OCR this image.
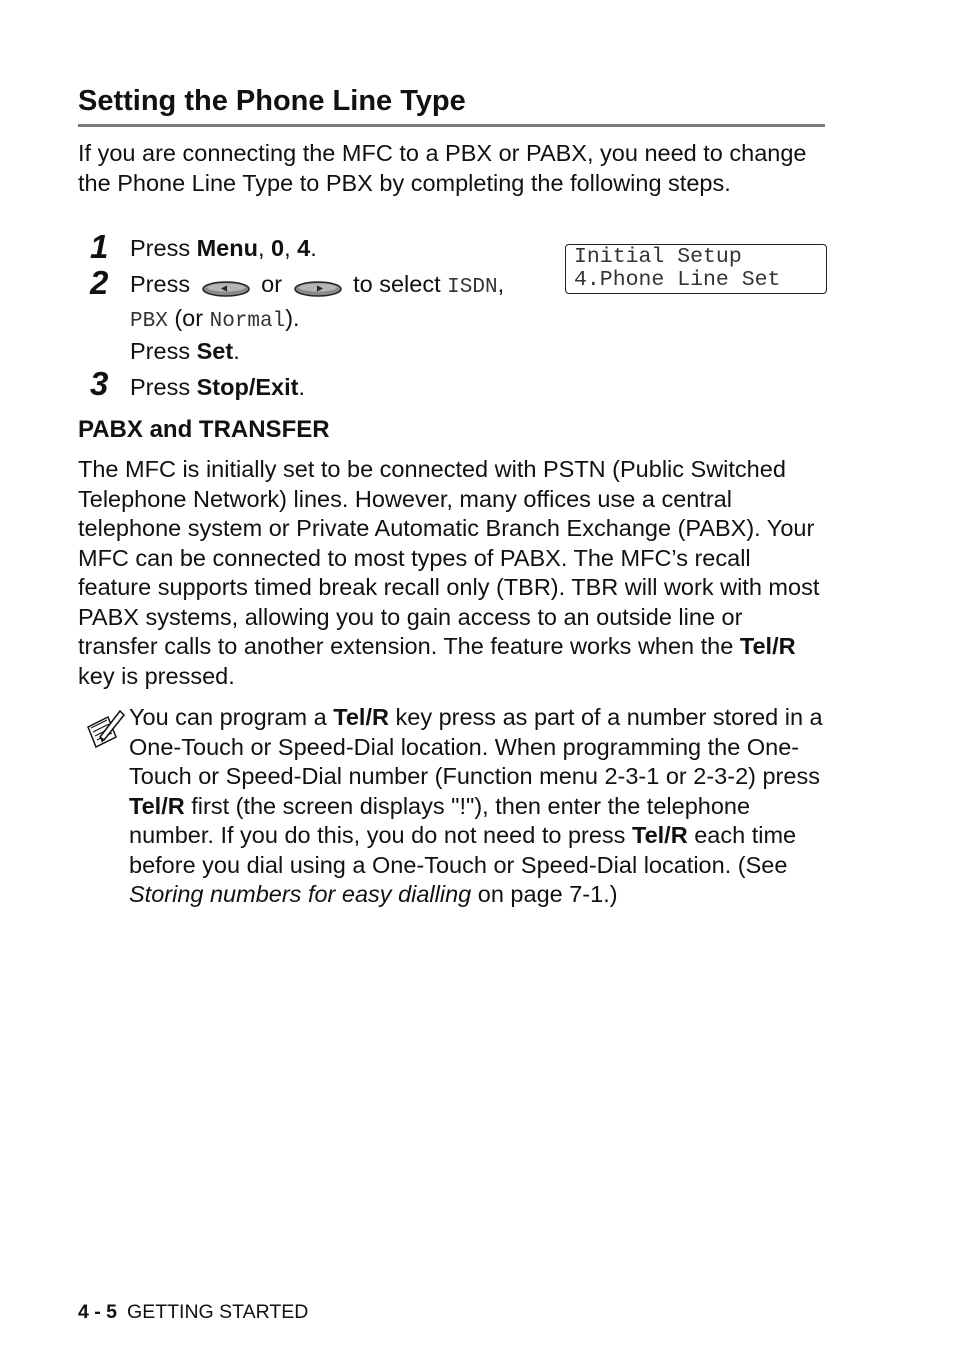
Setting the Phone Line Type
If you are connecting the MFC to a PBX or PABX, you need to change the Phone Line Type to PBX by completing the following steps.
1 Press Menu, 0, 4.
2 Press	or	to select ISDN,
PBX (or Normal).
Press Set.
3 Press Stop/Exit.
Initial Setup
4.Phone Line Set
PABX and TRANSFER
The MFC is initially set to be connected with PSTN (Public Switched Telephone Network) lines. However, many offices use a central telephone system or Private Automatic Branch Exchange (PABX). Your MFC can be connected to most types of PABX. The MFC’s recall feature supports timed break recall only (TBR). TBR will work with most PABX systems, allowing you to gain access to an outside line or transfer calls to another extension. The feature works when the Tel/R key is pressed.
You can program a Tel/R key press as part of a number stored in a One-Touch or Speed-Dial location. When programming the One-Touch or Speed-Dial number (Function menu 2-3-1 or 2-3-2) press Tel/R first (the screen displays "!"), then enter the telephone number. If you do this, you do not need to press Tel/R each time before you dial using a One-Touch or Speed-Dial location. (See Storing numbers for easy dialling on page 7-1.)
4 - 5 GETTING STARTED
